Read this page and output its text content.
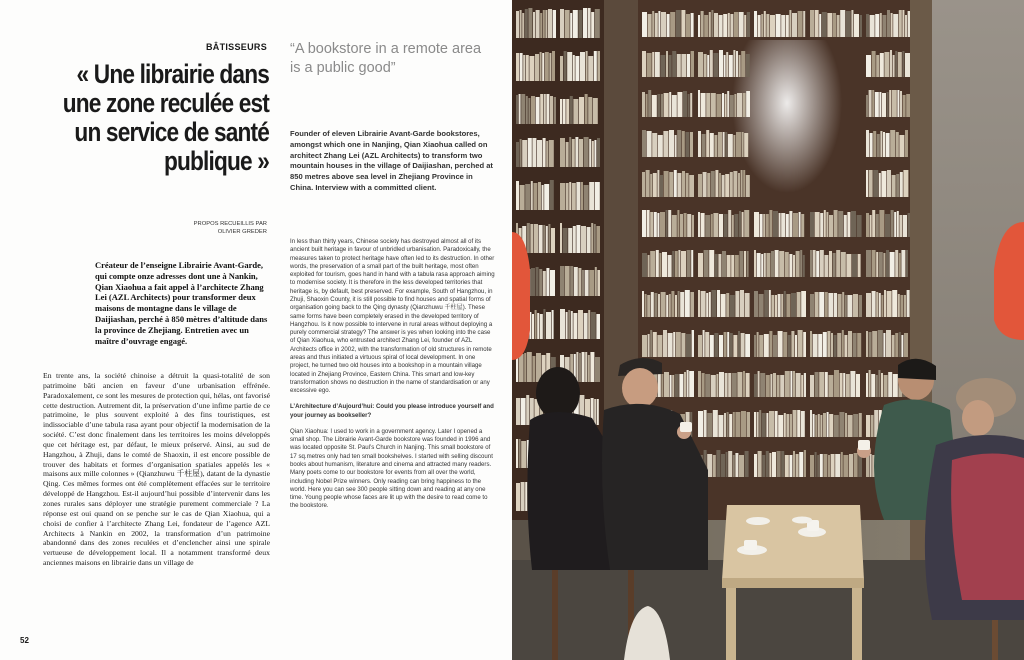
BÂTISSEURS
« Une librairie dans une zone reculée est un service de santé publique »
“A bookstore in a remote area is a public good”
Founder of eleven Librairie Avant-Garde bookstores, amongst which one in Nanjing, Qian Xiaohua called on architect Zhang Lei (AZL Architects) to transform two mountain houses in the village of Daijiashan, perched at 850 metres above sea level in Zhejiang Province in China. Interview with a committed client.
PROPOS RECUEILLIS PAR
OLIVIER GREDER
Créateur de l’enseigne Librairie Avant-Garde, qui compte onze adresses dont une à Nankin, Qian Xiaohua a fait appel à l’architecte Zhang Lei (AZL Architects) pour transformer deux maisons de montagne dans le village de Daijiashan, perché à 850 mètres d’altitude dans la province de Zhejiang. Entretien avec un maître d’ouvrage engagé.
En trente ans, la société chinoise a détruit la quasi-totalité de son patrimoine bâti ancien en faveur d’une urbanisation effrénée. Paradoxalement, ce sont les mesures de protection qui, hélas, ont favorisé cette destruction. Autrement dit, la préservation d’une infime partie de ce patrimoine, le plus souvent exploité à des fins touristiques, est indissociable d’une tabula rasa ayant pour objectif la modernisation de la société. C’est donc finalement dans les territoires les moins développés que cet héritage est, par défaut, le mieux préservé. Ainsi, au sud de Hangzhou, à Zhuji, dans le comté de Shaoxin, il est encore possible de trouver des habitats et formes d’organisation spatiales appelés les « maisons aux mille colonnes » (Qianzhuwu 千柱屋), datant de la dynastie Qing. Ces mêmes formes ont été complètement effacées sur le territoire développé de Hangzhou. Est-il aujourd’hui possible d’intervenir dans les zones rurales sans déployer une stratégie purement commerciale ? La réponse est oui quand on se penche sur le cas de Qian Xiaohua, qui a choisi de confier à l’architecte Zhang Lei, fondateur de l’agence AZL Architects à Nankin en 2002, la transformation d’un patrimoine abandonné dans des zones reculées et d’enclencher ainsi une spirale vertueuse de développement local. Il a notamment transformé deux anciennes maisons en librairie dans un village de

In less than thirty years, Chinese society has destroyed almost all of its ancient built heritage in favour of unbridled urbanisation. Paradoxically, the measures taken to protect heritage have often led to its destruction. In other words, the preservation of a small part of the built heritage, most often exploited for tourism, goes hand in hand with a tabula rasa approach aiming to modernise society. It is therefore in the less developed territories that heritage is, by default, best preserved. For example, South of Hangzhou, in Zhuji, Shaoxin County, it is still possible to find houses and spatial forms of organisation going back to the Qing dynasty (Qianzhuwu 千柱屋). These same forms have been completely erased in the developed territory of Hangzhou. Is it now possible to intervene in rural areas without deploying a purely commercial strategy? The answer is yes when looking into the case of Qian Xiaohua, who entrusted architect Zhang Lei, founder of AZL Architects office in 2002, with the transformation of old structures in remote areas and thus initiated a virtuous spiral of local development. In one project, he turned two old houses into a bookshop in a mountain village located in Zhejiang Province, Eastern China. This smart and low-key transformation shows no destruction in the name of standardisation or any excessive ego.

L’Architecture d’Aujourd’hui: Could you please introduce yourself and your journey as bookseller?

Qian Xiaohua: I used to work in a government agency. Later I opened a small shop. The Librairie Avant-Garde bookstore was founded in 1996 and was located opposite St. Paul’s Church in Nanjing. This small bookstore of 17 sq.metres only had ten small bookshelves. I started with selling discount books about humanism, literature and cinema and attracted many readers. Many poets come to our bookstore for events from all over the world, including Nobel Prize winners. Only reading can bring happiness to the world. Here you can see 300 people sitting down and reading at any one time. Young people whose faces are lit up with the desire to read come to the bookstore.

52
